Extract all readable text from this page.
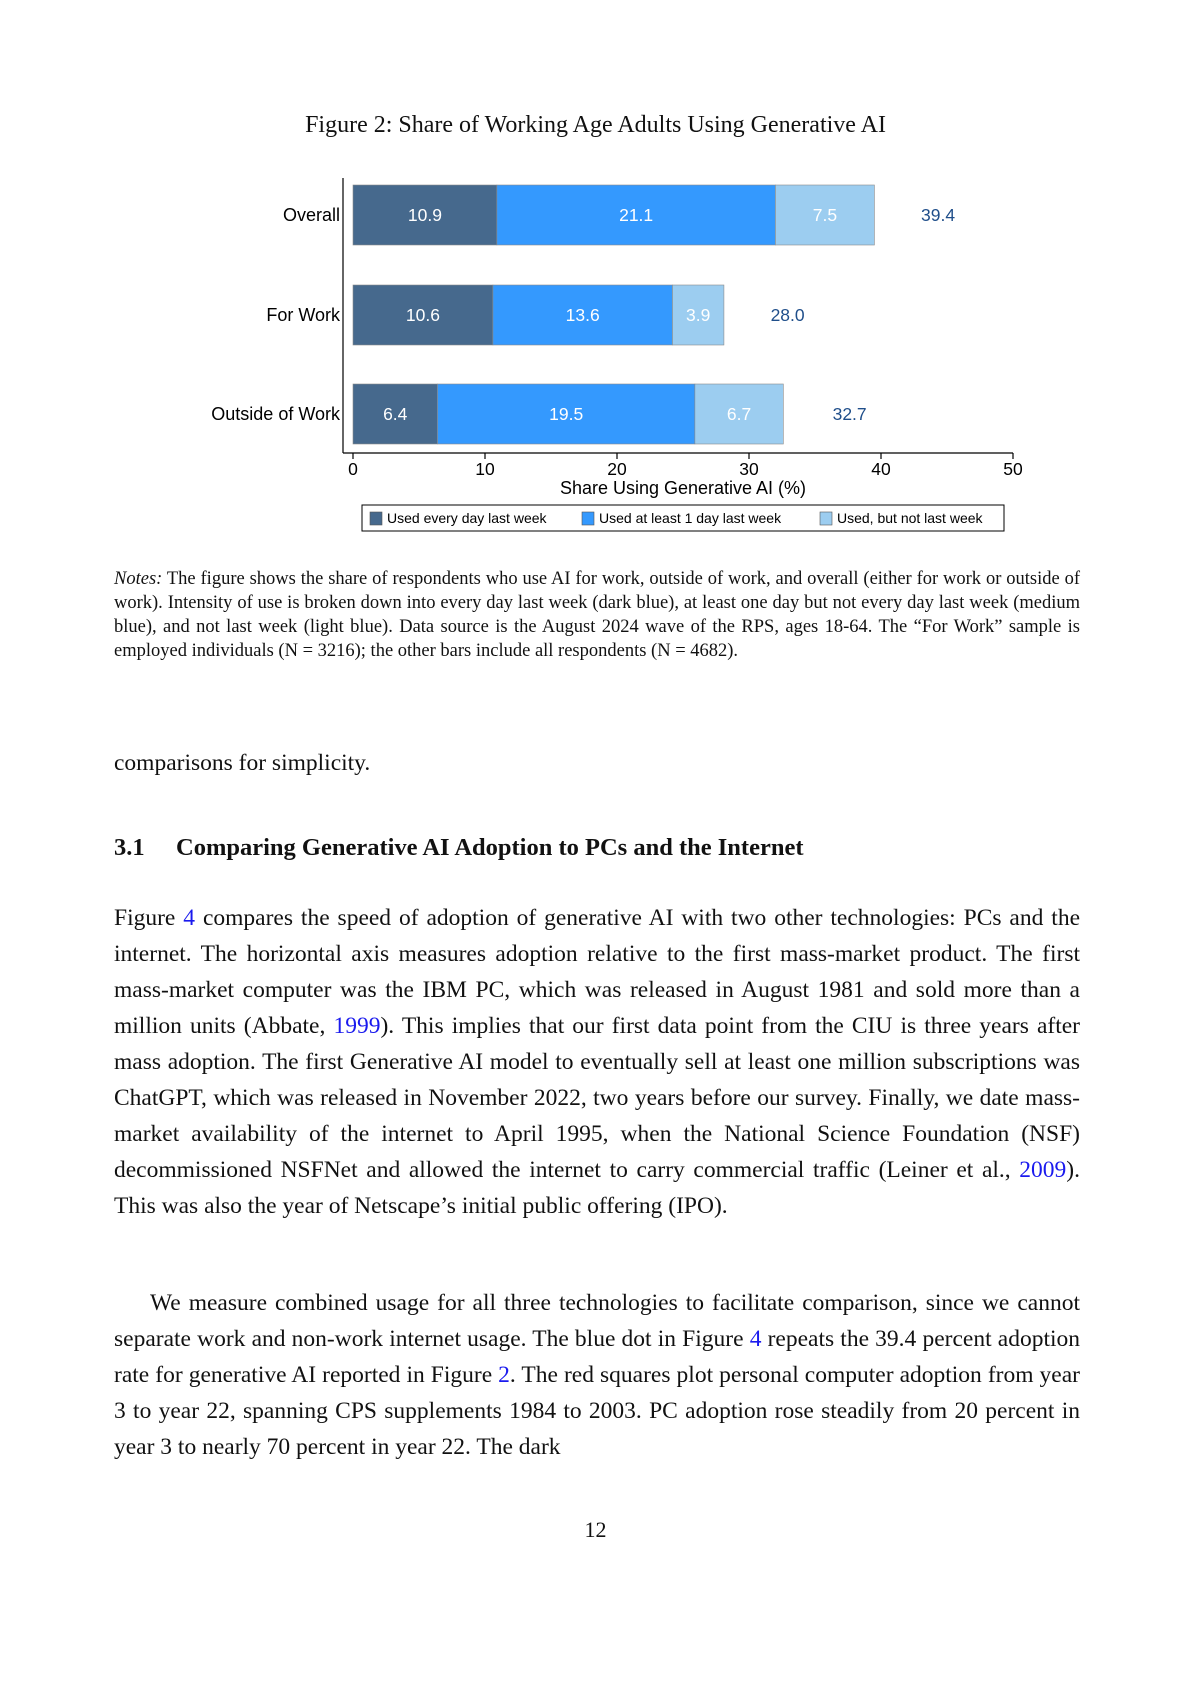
Figure 2: Share of Working Age Adults Using Generative AI
Overall	10.9	21.1	7.5	39.4
For Work	10.6	13.6	3.9	28.0
Outside of Work 6.4	19.5	6.7	32.7
0	10	20	30	40	50
Share Using Generative AI (%)
Used every day last week	Used at least 1 day last week	Used, but not last week
Notes: The figure shows the share of respondents who use AI for work, outside of work, and overall (either for work or outside of work). Intensity of use is broken down into every day last week (dark blue), at least one day but not every day last week (medium blue), and not last week (light blue). Data source is the August 2024 wave of the RPS, ages 18-64. The “For Work” sample is employed individuals (N = 3216); the other bars include all respondents (N = 4682).
comparisons for simplicity.
3.1 Comparing Generative AI Adoption to PCs and the Internet
Figure 4 compares the speed of adoption of generative AI with two other technologies: PCs and the internet. The horizontal axis measures adoption relative to the first mass-market product. The first mass-market computer was the IBM PC, which was released in August 1981 and sold more than a million units (Abbate, 1999). This implies that our first data point from the CIU is three years after mass adoption. The first Generative AI model to eventually sell at least one million subscriptions was ChatGPT, which was released in November 2022, two years before our survey. Finally, we date mass-market availability of the internet to April 1995, when the National Science Foundation (NSF) decommissioned NSFNet and allowed the internet to carry commercial traffic (Leiner et al., 2009). This was also the year of Netscape’s initial public offering (IPO).
We measure combined usage for all three technologies to facilitate comparison, since we cannot separate work and non-work internet usage. The blue dot in Figure 4 repeats the 39.4 percent adoption rate for generative AI reported in Figure 2. The red squares plot personal computer adoption from year 3 to year 22, spanning CPS supplements 1984 to 2003. PC adoption rose steadily from 20 percent in year 3 to nearly 70 percent in year 22. The dark
12
